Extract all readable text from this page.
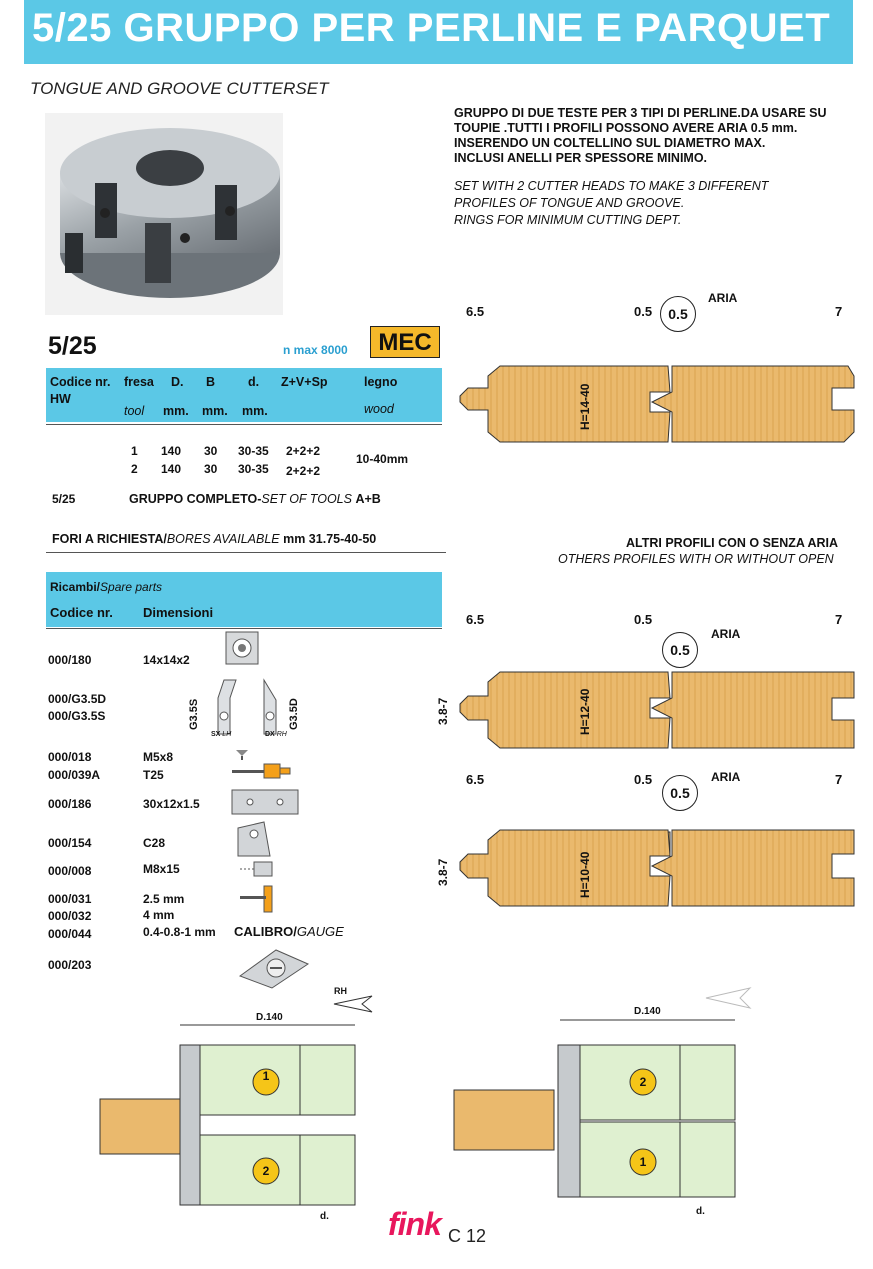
5/25 GRUPPO PER PERLINE E PARQUET
TONGUE AND GROOVE CUTTERSET
GRUPPO DI DUE TESTE PER 3 TIPI DI PERLINE.DA USARE SU
TOUPIE .TUTTI I PROFILI POSSONO AVERE ARIA 0.5 mm.
INSERENDO UN COLTELLINO SUL DIAMETRO MAX.
INCLUSI ANELLI PER SPESSORE MINIMO.
SET WITH 2 CUTTER HEADS TO MAKE 3 DIFFERENT
PROFILES OF TONGUE AND GROOVE.
RINGS FOR MINIMUM CUTTING DEPT.
5/25	n max 8000	MEC
Codice nr.
HW
fresa D. B	d. Z+V+Sp	legno
tool mm. mm. mm.	wood
1 140 30 30-35 2+2+2
2 140 30 30-35 2+2+2
10-40mm
5/25	GRUPPO COMPLETO-SET OF TOOLS A+B
FORI A RICHIESTA/BORES AVAILABLE mm 31.75-40-50
Ricambi/Spare parts
Codice nr. Dimensioni
000/180	14x14x2
000/G3.5D
000/G3.5S
000/018	M5x8
000/039A	T25
000/186	30x12x1.5
000/154	C28
000/008	M8x15
000/031	2.5 mm
000/032	4 mm
000/044	0.4-0.8-1 mm CALIBRO/GAUGE
000/203
G3.5S	G3.5D
SX LH	DX RH
6.5	0.5	7
0.5
ARIA
H=14-40
ALTRI PROFILI CON O SENZA ARIA
OTHERS PROFILES WITH OR WITHOUT OPEN
6.5	0.5	7
0.5
ARIA
H=12-40
3.8-7
6.5	0.5	7
0.5
ARIA
H=10-40
3.8-7
1
2
D.140
d.
RH
2
1
D.140
d.
fink C 12
